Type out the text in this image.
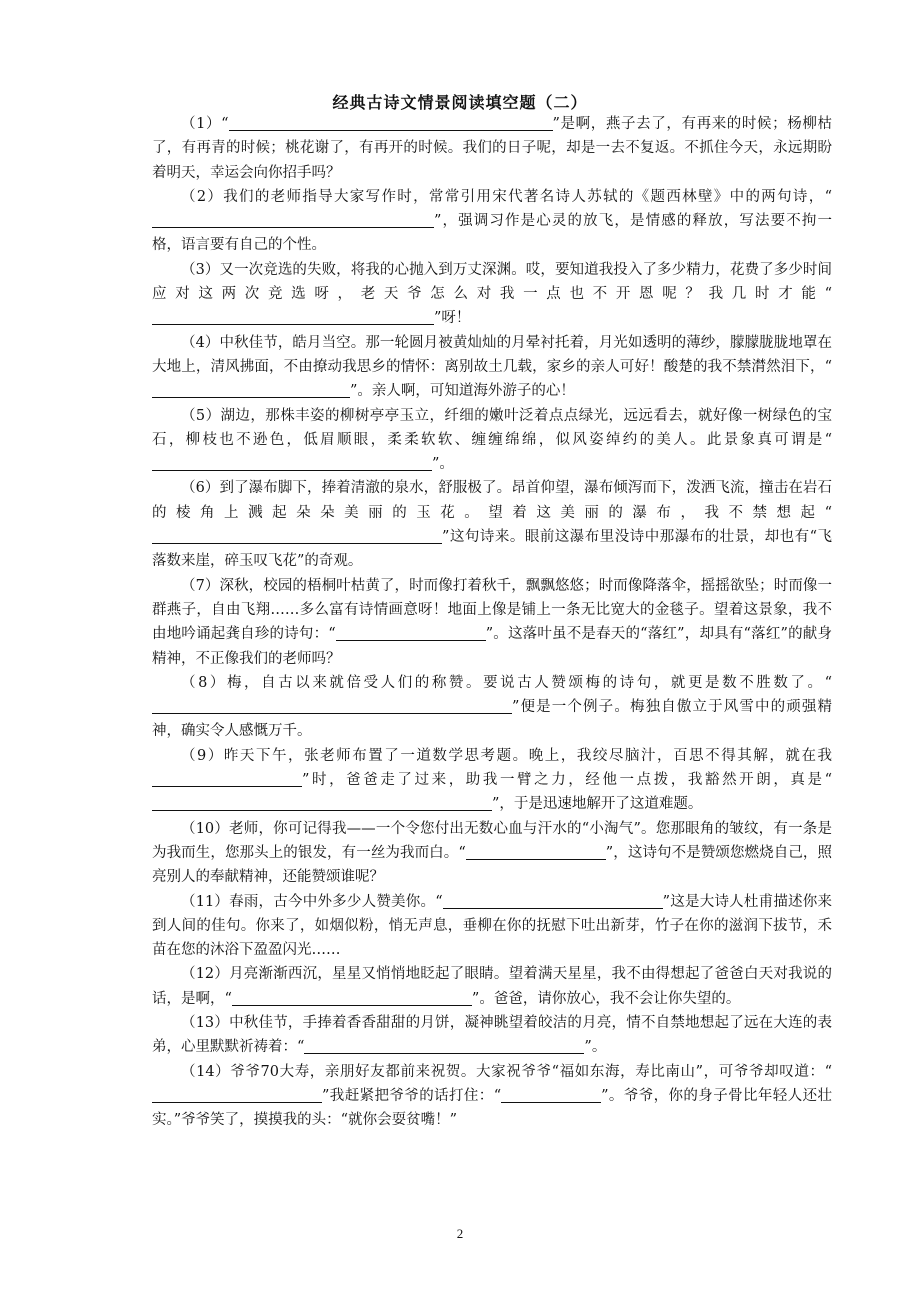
经典古诗文情景阅读填空题（二）

（1）“	”是啊，燕子去了，有再来的时候；杨柳枯了，有再青的时候；桃花谢了，有再开的时候。我们的日子呢，却是一去不复返。不抓住今天，永远期盼着明天，幸运会向你招手吗？

（2）我们的老师指导大家写作时，常常引用宋代著名诗人苏轼的《题西林壁》中的两句诗，“”，强调习作是心灵的放飞，是情感的释放，写法要不拘一格，语言要有自己的个性。

（3）又一次竞选的失败，将我的心抛入到万丈深渊。哎，要知道我投入了多少精力，花费了多少时间应对这两次竞选呀，老天爷怎么对我一点也不开恩呢？我几时才能“”呀！

（4）中秋佳节，皓月当空。那一轮圆月被黄灿灿的月晕衬托着，月光如透明的薄纱，朦朦胧胧地罩在大地上，清风拂面，不由撩动我思乡的情怀：离别故土几载，家乡的亲人可好！酸楚的我不禁潸然泪下，“”。亲人啊，可知道海外游子的心！

（5）湖边，那株丰姿的柳树亭亭玉立，纤细的嫩叶泛着点点绿光，远远看去，就好像一树绿色的宝石，柳枝也不逊色，低眉顺眼，柔柔软软、缠缠绵绵，似风姿绰约的美人。此景象真可谓是“”。

（6）到了瀑布脚下，捧着清澈的泉水，舒服极了。昂首仰望，瀑布倾泻而下，泼洒飞流，撞击在岩石的棱角上溅起朵朵美丽的玉花。望着这美丽的瀑布，我不禁想起“”这句诗来。眼前这瀑布里没诗中那瀑布的壮景，却也有“飞落数来崖，碎玉叹飞花”的奇观。

（7）深秋，校园的梧桐叶枯黄了，时而像打着秋千，飘飘悠悠；时而像降落伞，摇摇欲坠；时而像一群燕子，自由飞翔……多么富有诗情画意呀！地面上像是铺上一条无比宽大的金毯子。望着这景象，我不由地吟诵起龚自珍的诗句：“	”。这落叶虽不是春天的“落红”，却具有“落红”的献身精神，不正像我们的老师吗？

（8）梅，自古以来就倍受人们的称赞。要说古人赞颂梅的诗句，就更是数不胜数了。“”便是一个例子。梅独自傲立于风雪中的顽强精神，确实令人感慨万千。

（9）昨天下午，张老师布置了一道数学思考题。晚上，我绞尽脑汁，百思不得其解，就在我”时，爸爸走了过来，助我一臂之力，经他一点拨，我豁然开朗，真是“”，于是迅速地解开了这道难题。

（10）老师，你可记得我——一个令您付出无数心血与汗水的“小淘气”。您那眼角的皱纹，有一条是为我而生，您那头上的银发，有一丝为我而白。“	”，这诗句不是赞颂您燃烧自己，照亮别人的奉献精神，还能赞颂谁呢？

（11）春雨，古今中外多少人赞美你。“	”这是大诗人杜甫描述你来到人间的佳句。你来了，如烟似粉，悄无声息，垂柳在你的抚慰下吐出新芽，竹子在你的滋润下拔节，禾苗在您的沐浴下盈盈闪光……

（12）月亮渐渐西沉，星星又悄悄地眨起了眼睛。望着满天星星，我不由得想起了爸爸白天对我说的话，是啊，“	”。爸爸，请你放心，我不会让你失望的。

（13）中秋佳节，手捧着香香甜甜的月饼，凝神眺望着皎洁的月亮，情不自禁地想起了远在大连的表弟，心里默默祈祷着：“	”。

（14）爷爷70大寿，亲朋好友都前来祝贺。大家祝爷爷“福如东海，寿比南山”，可爷爷却叹道：“”我赶紧把爷爷的话打住：“	”。爷爷，你的身子骨比年轻人还壮实。”爷爷笑了，摸摸我的头：“就你会耍贫嘴！”

2
